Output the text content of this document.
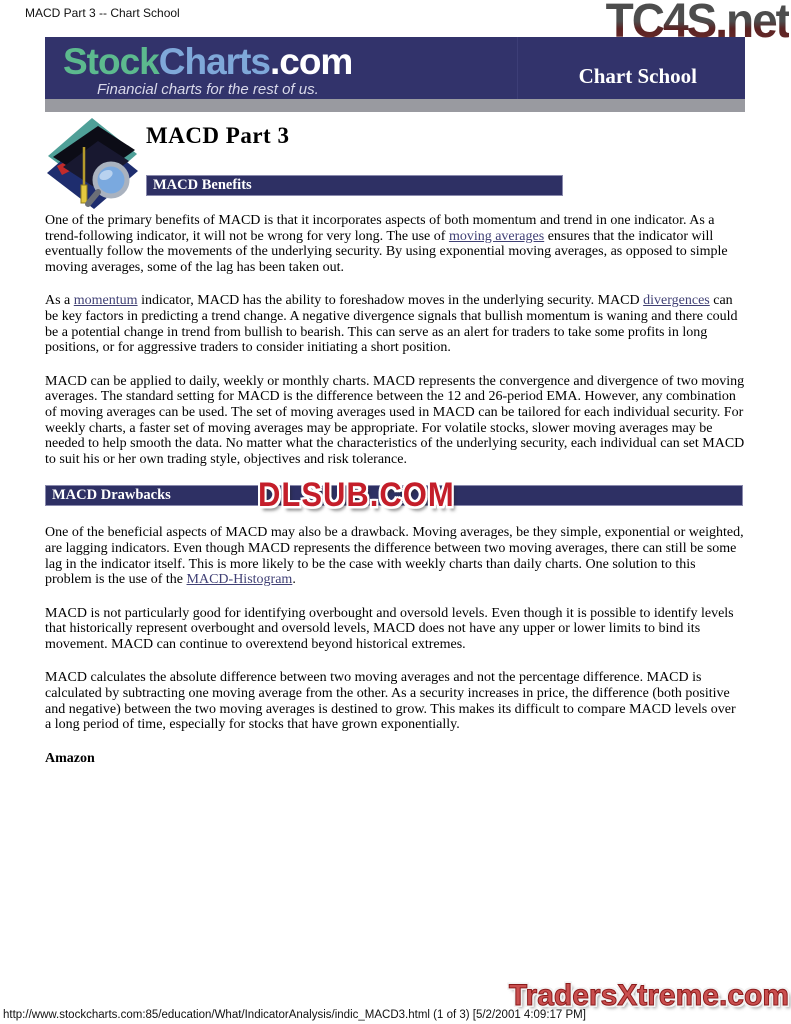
MACD Part 3 -- Chart School	TC4S.net
StockCharts.com
Financial charts for the rest of us.
Chart School
MACD Part 3
MACD Benefits

One of the primary benefits of MACD is that it incorporates aspects of both momentum and trend in one indicator. As a trend-following indicator, it will not be wrong for very long. The use of moving averages ensures that the indicator will eventually follow the movements of the underlying security. By using exponential moving averages, as opposed to simple moving averages, some of the lag has been taken out.

As a momentum indicator, MACD has the ability to foreshadow moves in the underlying security. MACD divergences can be key factors in predicting a trend change. A negative divergence signals that bullish momentum is waning and there could be a potential change in trend from bullish to bearish. This can serve as an alert for traders to take some profits in long positions, or for aggressive traders to consider initiating a short position.

MACD can be applied to daily, weekly or monthly charts. MACD represents the convergence and divergence of two moving averages. The standard setting for MACD is the difference between the 12 and 26-period EMA. However, any combination of moving averages can be used. The set of moving averages used in MACD can be tailored for each individual security. For weekly charts, a faster set of moving averages may be appropriate. For volatile stocks, slower moving averages may be needed to help smooth the data. No matter what the characteristics of the underlying security, each individual can set MACD to suit his or her own trading style, objectives and risk tolerance.

MACD Drawbacks	DLSUB.COM

One of the beneficial aspects of MACD may also be a drawback. Moving averages, be they simple, exponential or weighted, are lagging indicators. Even though MACD represents the difference between two moving averages, there can still be some lag in the indicator itself. This is more likely to be the case with weekly charts than daily charts. One solution to this problem is the use of the MACD-Histogram.

MACD is not particularly good for identifying overbought and oversold levels. Even though it is possible to identify levels that historically represent overbought and oversold levels, MACD does not have any upper or lower limits to bind its movement. MACD can continue to overextend beyond historical extremes.

MACD calculates the absolute difference between two moving averages and not the percentage difference. MACD is calculated by subtracting one moving average from the other. As a security increases in price, the difference (both positive and negative) between the two moving averages is destined to grow. This makes its difficult to compare MACD levels over a long period of time, especially for stocks that have grown exponentially.

Amazon
TradersXtreme.com
http://www.stockcharts.com:85/education/What/IndicatorAnalysis/indic_MACD3.html (1 of 3) [5/2/2001 4:09:17 PM]
